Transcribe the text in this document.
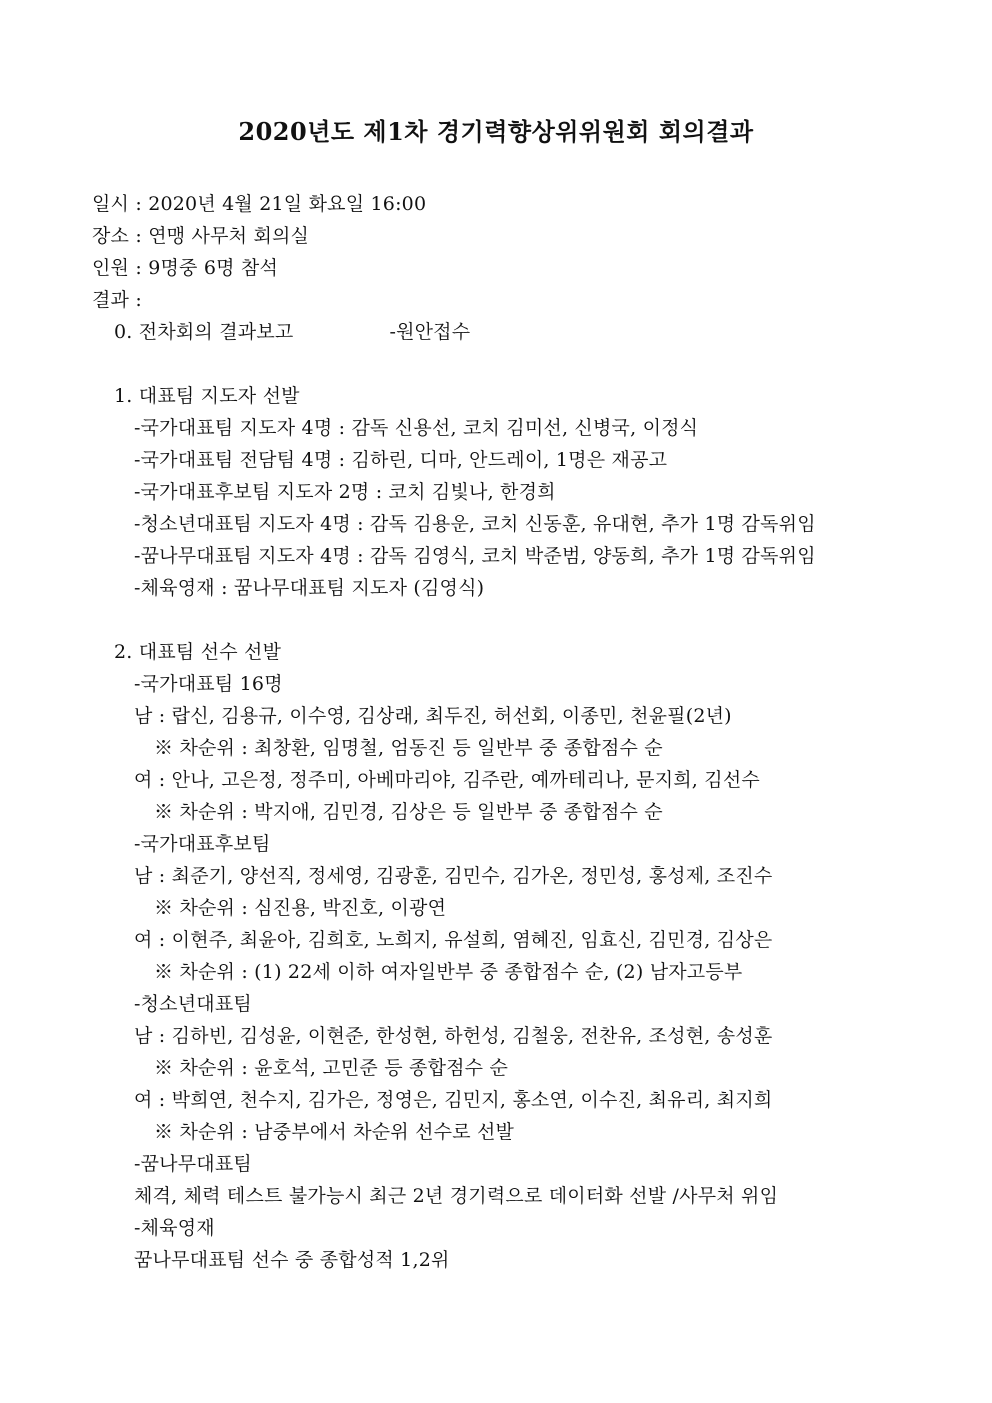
2020년도 제1차 경기력향상위위원회 회의결과
일시 : 2020년 4월 21일 화요일 16:00
장소 : 연맹 사무처 회의실
인원 : 9명중 6명 참석
결과 :
0. 전차회의 결과보고	-원안접수
1. 대표팀 지도자 선발
-국가대표팀 지도자 4명 : 감독 신용선, 코치 김미선, 신병국, 이정식
-국가대표팀 전담팀 4명 : 김하린, 디마, 안드레이, 1명은 재공고
-국가대표후보팀 지도자 2명 : 코치 김빛나, 한경희
-청소년대표팀 지도자 4명 : 감독 김용운, 코치 신동훈, 유대현, 추가 1명 감독위임
-꿈나무대표팀 지도자 4명 : 감독 김영식, 코치 박준범, 양동희, 추가 1명 감독위임
-체육영재 : 꿈나무대표팀 지도자 (김영식)
2. 대표팀 선수 선발
-국가대표팀 16명
남 : 랍신, 김용규, 이수영, 김상래, 최두진, 허선회, 이종민, 천윤필(2년)
※ 차순위 : 최창환, 임명철, 엄동진 등 일반부 중 종합점수 순
여 : 안나, 고은정, 정주미, 아베마리야, 김주란, 예까테리나, 문지희, 김선수
※ 차순위 : 박지애, 김민경, 김상은 등 일반부 중 종합점수 순
-국가대표후보팀
남 : 최준기, 양선직, 정세영, 김광훈, 김민수, 김가온, 정민성, 홍성제, 조진수
※ 차순위 : 심진용, 박진호, 이광연
여 : 이현주, 최윤아, 김희호, 노희지, 유설희, 염혜진, 임효신, 김민경, 김상은
※ 차순위 : (1) 22세 이하 여자일반부 중 종합점수 순, (2) 남자고등부
-청소년대표팀
남 : 김하빈, 김성윤, 이현준, 한성현, 하헌성, 김철웅, 전찬유, 조성현, 송성훈
※ 차순위 : 윤호석, 고민준 등 종합점수 순
여 : 박희연, 천수지, 김가은, 정영은, 김민지, 홍소연, 이수진, 최유리, 최지희
※ 차순위 : 남중부에서 차순위 선수로 선발
-꿈나무대표팀
체격, 체력 테스트 불가능시 최근 2년 경기력으로 데이터화 선발 /사무처 위임
-체육영재
꿈나무대표팀 선수 중 종합성적 1,2위
